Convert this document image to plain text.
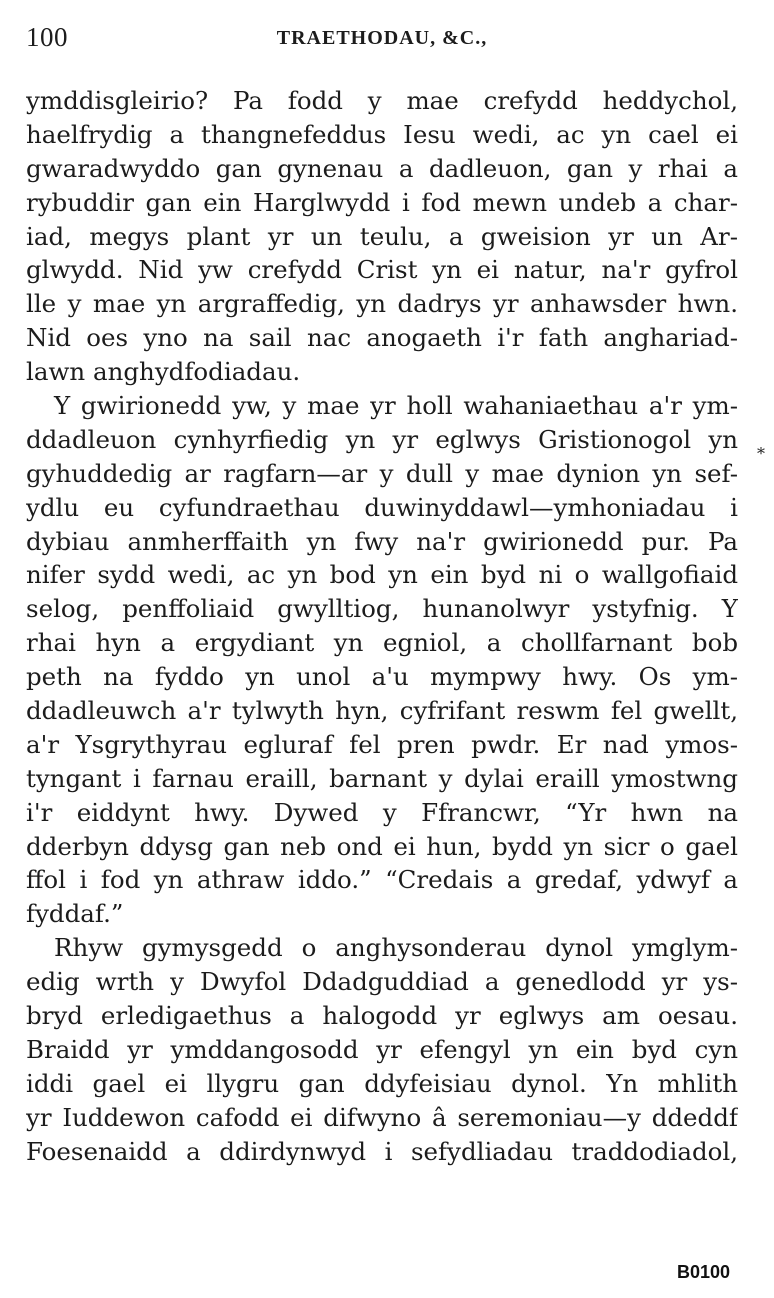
100	TRAETHODAU, &C.,
ymddisgleirio? Pa fodd y mae crefydd heddychol,
haelfrydig a thangnefeddus Iesu wedi, ac yn cael ei
gwaradwyddo gan gynenau a dadleuon, gan y rhai a
rybuddir gan ein Harglwydd i fod mewn undeb a char-
iad, megys plant yr un teulu, a gweision yr un Ar-
glwydd. Nid yw crefydd Crist yn ei natur, na'r gyfrol
lle y mae yn argraffedig, yn dadrys yr anhawsder hwn.
Nid oes yno na sail nac anogaeth i'r fath anghariad-
lawn anghydfodiadau.
Y gwirionedd yw, y mae yr holl wahaniaethau a'r ym-
ddadleuon cynhyrfiedig yn yr eglwys Gristionogol yn
gyhuddedig ar ragfarn—ar y dull y mae dynion yn sef-
ydlu eu cyfundraethau duwinyddawl—ymhoniadau i
dybiau anmherffaith yn fwy na'r gwirionedd pur. Pa
nifer sydd wedi, ac yn bod yn ein byd ni o wallgofiaid
selog, penffoliaid gwylltiog, hunanolwyr ystyfnig. Y
rhai hyn a ergydiant yn egniol, a chollfarnant bob
peth na fyddo yn unol a'u mympwy hwy. Os ym-
ddadleuwch a'r tylwyth hyn, cyfrifant reswm fel gwellt,
a'r Ysgrythyrau egluraf fel pren pwdr. Er nad ymos-
tyngant i farnau eraill, barnant y dylai eraill ymostwng
i'r eiddynt hwy. Dywed y Ffrancwr, “Yr hwn na
dderbyn ddysg gan neb ond ei hun, bydd yn sicr o gael
ffol i fod yn athraw iddo.” “Credais a gredaf, ydwyf a
fyddaf.”
Rhyw gymysgedd o anghysonderau dynol ymglym-
edig wrth y Dwyfol Ddadguddiad a genedlodd yr ys-
bryd erledigaethus a halogodd yr eglwys am oesau.
Braidd yr ymddangosodd yr efengyl yn ein byd cyn
iddi gael ei llygru gan ddyfeisiau dynol. Yn mhlith
yr Iuddewon cafodd ei difwyno â seremoniau—y ddeddf
Foesenaidd a ddirdynwyd i sefydliadau traddodiadol,
*
B0100
